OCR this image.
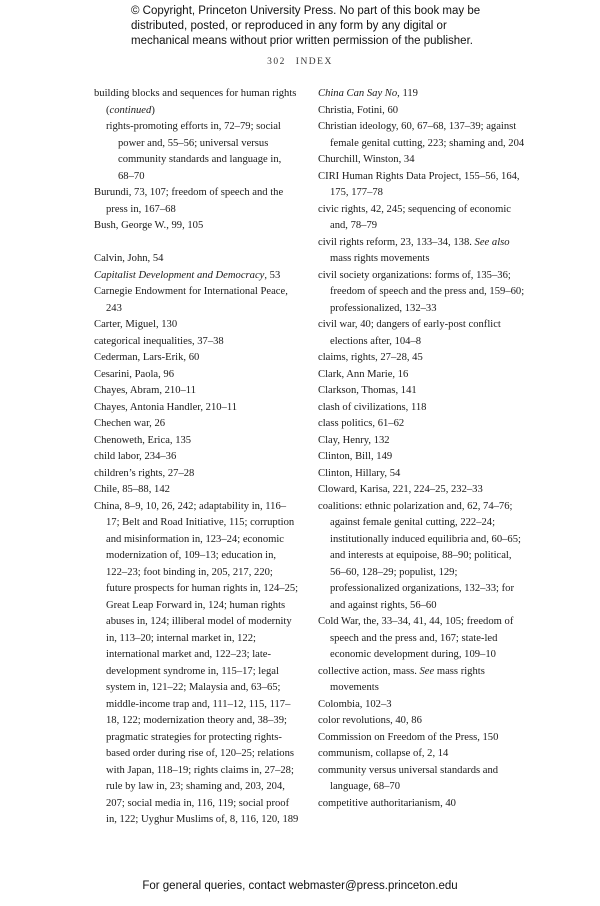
© Copyright, Princeton University Press. No part of this book may be distributed, posted, or reproduced in any form by any digital or mechanical means without prior written permission of the publisher.
302 INDEX
building blocks and sequences for human rights (continued)
rights-promoting efforts in, 72–79; social power and, 55–56; universal versus community standards and language in, 68–70
Burundi, 73, 107; freedom of speech and the press in, 167–68
Bush, George W., 99, 105
Calvin, John, 54
Capitalist Development and Democracy, 53
Carnegie Endowment for International Peace, 243
Carter, Miguel, 130
categorical inequalities, 37–38
Cederman, Lars-Erik, 60
Cesarini, Paola, 96
Chayes, Abram, 210–11
Chayes, Antonia Handler, 210–11
Chechen war, 26
Chenoweth, Erica, 135
child labor, 234–36
children’s rights, 27–28
Chile, 85–88, 142
China, 8–9, 10, 26, 242; adaptability in, 116–17; Belt and Road Initiative, 115; corruption and misinformation in, 123–24; economic modernization of, 109–13; education in, 122–23; foot binding in, 205, 217, 220; future prospects for human rights in, 124–25; Great Leap Forward in, 124; human rights abuses in, 124; illiberal model of modernity in, 113–20; internal market in, 122; international market and, 122–23; late-development syndrome in, 115–17; legal system in, 121–22; Malaysia and, 63–65; middle-income trap and, 111–12, 115, 117–18, 122; modernization theory and, 38–39; pragmatic strategies for protecting rights-based order during rise of, 120–25; relations with Japan, 118–19; rights claims in, 27–28; rule by law in, 23; shaming and, 203, 204, 207; social media in, 116, 119; social proof in, 122; Uyghur Muslims of, 8, 116, 120, 189
China Can Say No, 119
Christia, Fotini, 60
Christian ideology, 60, 67–68, 137–39; against female genital cutting, 223; shaming and, 204
Churchill, Winston, 34
CIRI Human Rights Data Project, 155–56, 164, 175, 177–78
civic rights, 42, 245; sequencing of economic and, 78–79
civil rights reform, 23, 133–34, 138. See also mass rights movements
civil society organizations: forms of, 135–36; freedom of speech and the press and, 159–60; professionalized, 132–33
civil war, 40; dangers of early-post conflict elections after, 104–8
claims, rights, 27–28, 45
Clark, Ann Marie, 16
Clarkson, Thomas, 141
clash of civilizations, 118
class politics, 61–62
Clay, Henry, 132
Clinton, Bill, 149
Clinton, Hillary, 54
Cloward, Karisa, 221, 224–25, 232–33
coalitions: ethnic polarization and, 62, 74–76; against female genital cutting, 222–24; institutionally induced equilibria and, 60–65; and interests at equipoise, 88–90; political, 56–60, 128–29; populist, 129; professionalized organizations, 132–33; for and against rights, 56–60
Cold War, the, 33–34, 41, 44, 105; freedom of speech and the press and, 167; state-led economic development during, 109–10
collective action, mass. See mass rights movements
Colombia, 102–3
color revolutions, 40, 86
Commission on Freedom of the Press, 150
communism, collapse of, 2, 14
community versus universal standards and language, 68–70
competitive authoritarianism, 40
For general queries, contact webmaster@press.princeton.edu
